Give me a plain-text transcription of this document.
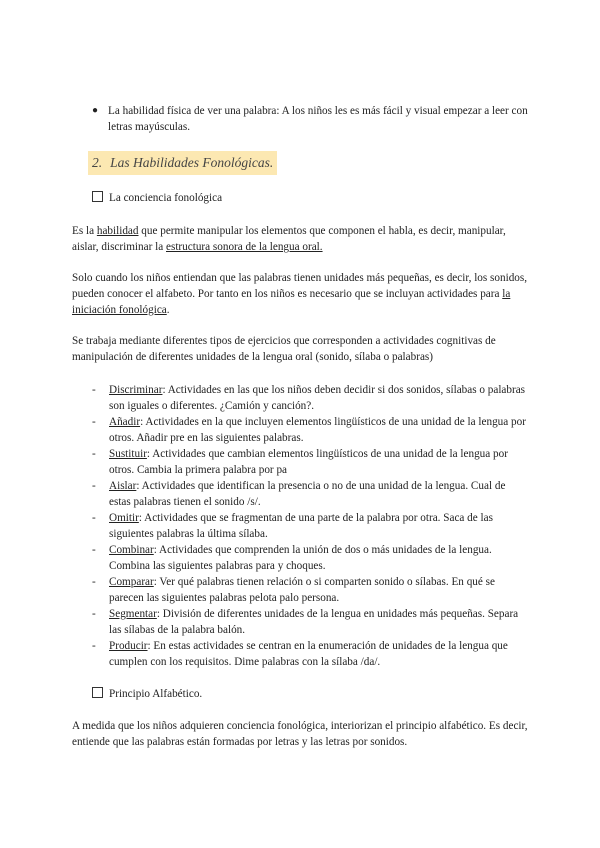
● La habilidad física de ver una palabra: A los niños les es más fácil y visual empezar a leer con letras mayúsculas.
2. Las Habilidades Fonológicas.
La conciencia fonológica

Es la habilidad que permite manipular los elementos que componen el habla, es decir, manipular, aislar, discriminar la estructura sonora de la lengua oral.

Solo cuando los niños entiendan que las palabras tienen unidades más pequeñas, es decir, los sonidos, pueden conocer el alfabeto. Por tanto en los niños es necesario que se incluyan actividades para la iniciación fonológica.

Se trabaja mediante diferentes tipos de ejercicios que corresponden a actividades cognitivas de manipulación de diferentes unidades de la lengua oral (sonido, sílaba o palabras)

- Discriminar: Actividades en las que los niños deben decidir si dos sonidos, sílabas o palabras son iguales o diferentes. ¿Camión y canción?.
- Añadir: Actividades en la que incluyen elementos lingüísticos de una unidad de la lengua por otros. Añadir pre en las siguientes palabras.
- Sustituir: Actividades que cambian elementos lingüísticos de una unidad de la lengua por otros. Cambia la primera palabra por pa
- Aislar: Actividades que identifican la presencia o no de una unidad de la lengua. Cual de estas palabras tienen el sonido /s/.
- Omitir: Actividades que se fragmentan de una parte de la palabra por otra. Saca de las siguientes palabras la última sílaba.
- Combinar: Actividades que comprenden la unión de dos o más unidades de la lengua. Combina las siguientes palabras para y choques.
- Comparar: Ver qué palabras tienen relación o si comparten sonido o sílabas. En qué se parecen las siguientes palabras pelota palo persona.
- Segmentar: División de diferentes unidades de la lengua en unidades más pequeñas. Separa las sílabas de la palabra balón.
- Producir: En estas actividades se centran en la enumeración de unidades de la lengua que cumplen con los requisitos. Dime palabras con la sílaba /da/.
Principio Alfabético.

A medida que los niños adquieren conciencia fonológica, interiorizan el principio alfabético. Es decir, entiende que las palabras están formadas por letras y las letras por sonidos.
